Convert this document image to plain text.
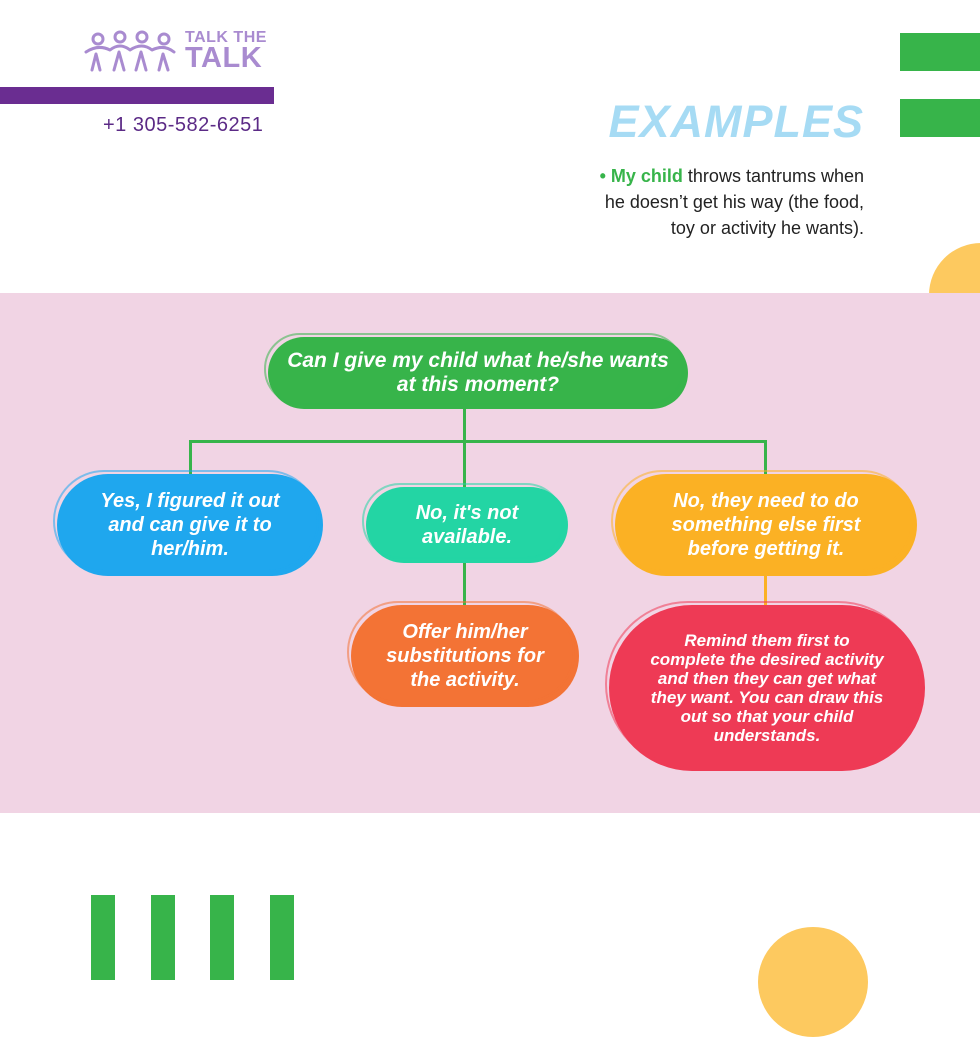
TALK THE
TALK
+1 305-582-6251	EXAMPLES
• My child throws tantrums when he doesn’t get his way (the food, toy or activity he wants).
Can I give my child what he/she wants at this moment?
Yes, I figured it out and can give it to her/him.
No, it's not available.
No, they need to do something else first before getting it.
Offer him/her substitutions for the activity.
Remind them first to complete the desired activity and then they can get what they want. You can draw this out so that your child understands.
